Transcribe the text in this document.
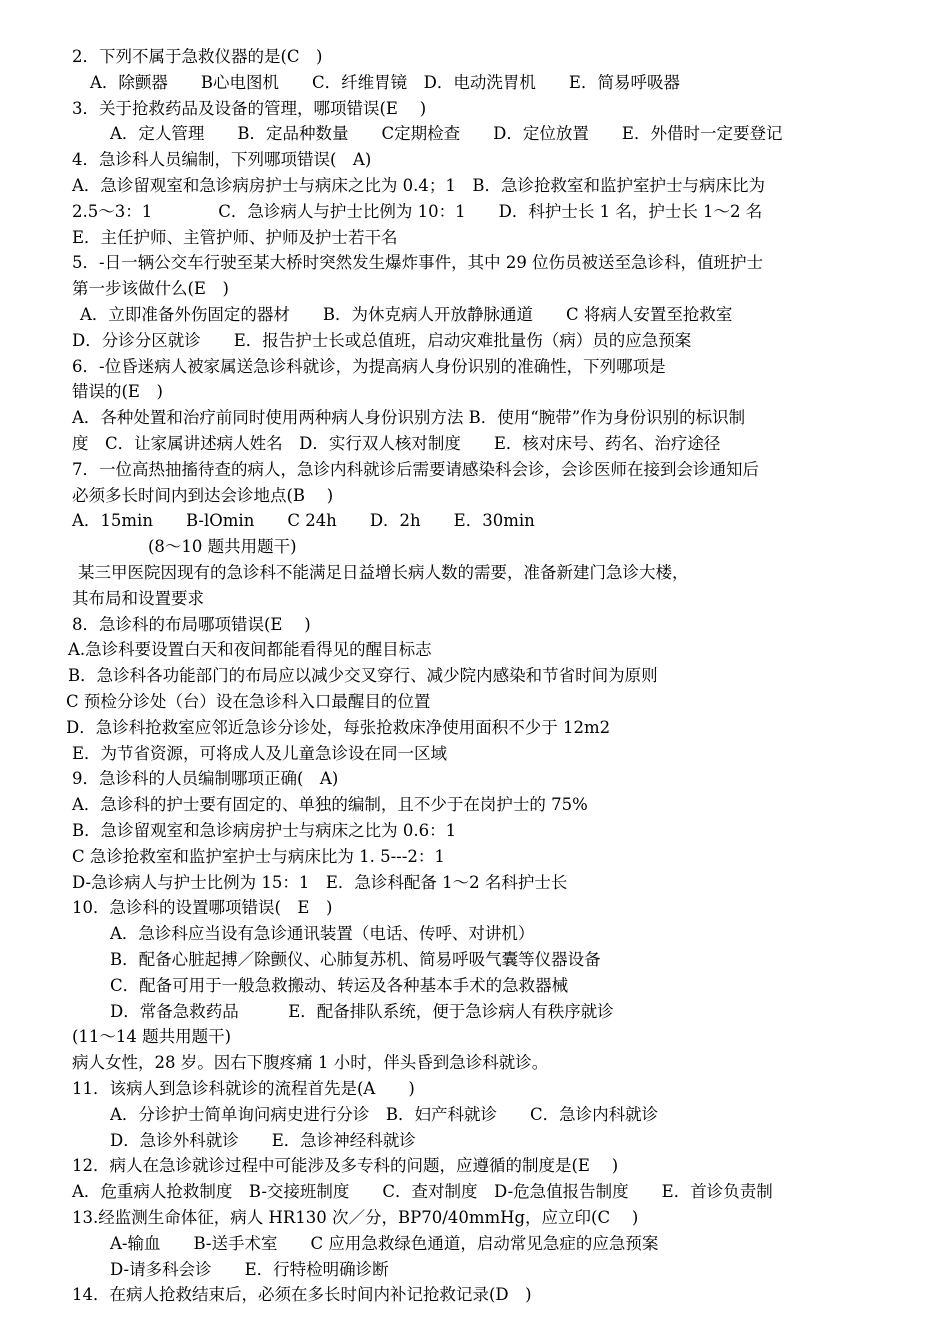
2．下列不属于急救仪器的是(C　)
A．除颤器　　B心电图机　　C．纤维胃镜　D．电动洗胃机　　E．简易呼吸器
3．关于抢救药品及设备的管理，哪项错误(E　 )
A．定人管理　　B．定品种数量　　C定期检查　　D．定位放置　　E．外借时一定要登记
4．急诊科人员编制，下列哪项错误(　A)
A．急诊留观室和急诊病房护士与病床之比为 0.4；1　B．急诊抢救室和监护室护士与病床比为
2.5～3：1　　　　C．急诊病人与护士比例为 10：1　　D．科护士长 1 名，护士长 1～2 名
E．主任护师、主管护师、护师及护士若干名
5．-日一辆公交车行驶至某大桥时突然发生爆炸事件，其中 29 位伤员被送至急诊科，值班护士
第一步该做什么(E　)
A．立即准备外伤固定的器材　　B．为休克病人开放静脉通道　　C 将病人安置至抢救室
D．分诊分区就诊　　E．报告护士长或总值班，启动灾难批量伤（病）员的应急预案
6．-位昏迷病人被家属送急诊科就诊，为提高病人身份识别的准确性，下列哪项是
错误的(E　)
A．各种处置和治疗前同时使用两种病人身份识别方法 B．使用“腕带”作为身份识别的标识制
度　C．让家属讲述病人姓名　D．实行双人核对制度　　E．核对床号、药名、治疗途径
7．一位高热抽搐待查的病人，急诊内科就诊后需要请感染科会诊，会诊医师在接到会诊通知后
必须多长时间内到达会诊地点(B　 )
A．15min　　B-lOmin　　C 24h　　D．2h　　E．30min
(8～10 题共用题干)
某三甲医院因现有的急诊科不能满足日益增长病人数的需要，准备新建门急诊大楼，
其布局和设置要求
8．急诊科的布局哪项错误(E　 )
A.急诊科要设置白天和夜间都能看得见的醒目标志
B．急诊科各功能部门的布局应以减少交叉穿行、减少院内感染和节省时间为原则
C 预检分诊处（台）设在急诊科入口最醒目的位置
D．急诊科抢救室应邻近急诊分诊处，每张抢救床净使用面积不少于 12m2
E．为节省资源，可将成人及儿童急诊设在同一区域
9．急诊科的人员编制哪项正确(　A)
A．急诊科的护士要有固定的、单独的编制，且不少于在岗护士的 75%
B．急诊留观室和急诊病房护士与病床之比为 0.6：1
C 急诊抢救室和监护室护士与病床比为 1. 5---2：1
D-急诊病人与护士比例为 15：1　E．急诊科配备 1～2 名科护士长
10．急诊科的设置哪项错误(　E　)
A．急诊科应当设有急诊通讯装置（电话、传呼、对讲机）
B．配备心脏起搏／除颤仪、心肺复苏机、简易呼吸气囊等仪器设备
C．配备可用于一般急救搬动、转运及各种基本手术的急救器械
D．常备急救药品　　　E．配备排队系统，便于急诊病人有秩序就诊
(11～14 题共用题干)
病人女性，28 岁。因右下腹疼痛 1 小时，伴头昏到急诊科就诊。
11．该病人到急诊科就诊的流程首先是(A　　)
A．分诊护士简单询问病史进行分诊　B．妇产科就诊　　C．急诊内科就诊
D．急诊外科就诊　　E．急诊神经科就诊
12．病人在急诊就诊过程中可能涉及多专科的问题，应遵循的制度是(E　 )
A．危重病人抢救制度　B-交接班制度　　C．查对制度　D-危急值报告制度　　E．首诊负责制
13.经监测生命体征，病人 HR130 次／分，BP70/40mmHg，应立印(C　 )
A-输血　　B-送手术室　　C 应用急救绿色通道，启动常见急症的应急预案
D-请多科会诊　　E．行特检明确诊断
14．在病人抢救结束后，必须在多长时间内补记抢救记录(D　)
